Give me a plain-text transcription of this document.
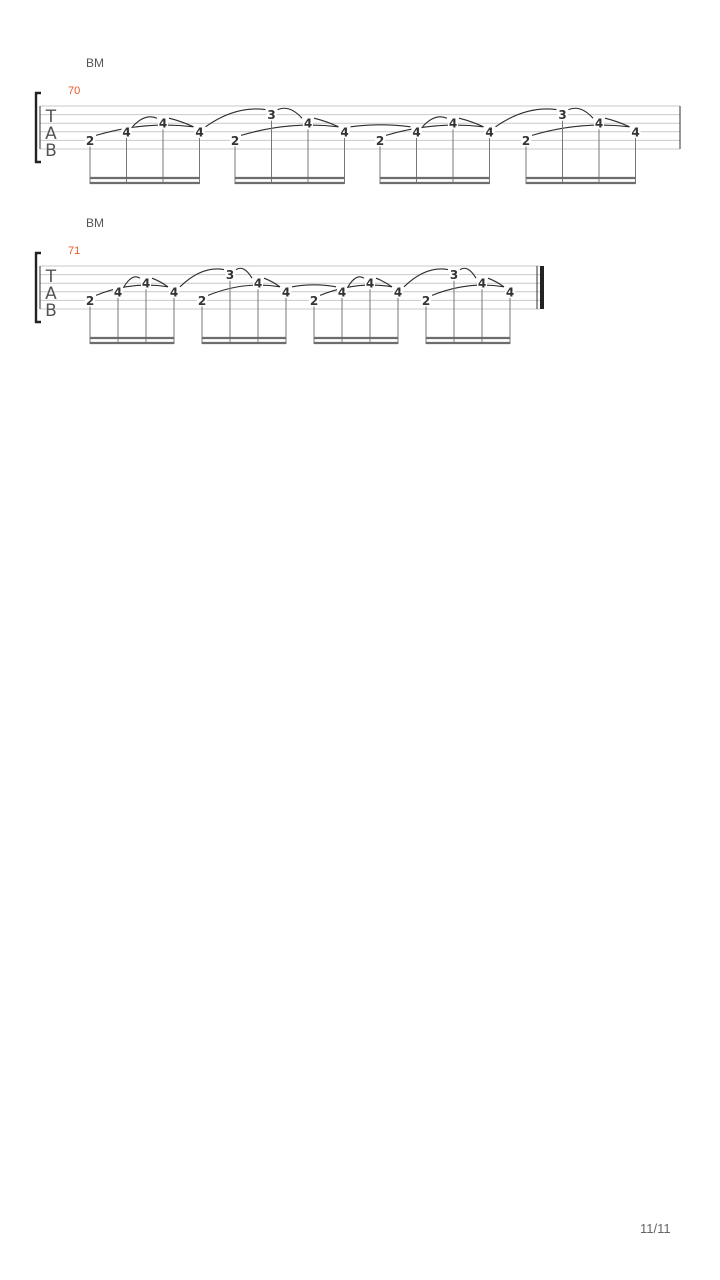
BM
70
T
A
B
2
4
4
4
2
3
4
4
2
4
4
4
2
3
4
4
BM
71
T
A
B
2
4
4
4
2
3
4
4
2
4
4
4
2
3
4
4
11/11
